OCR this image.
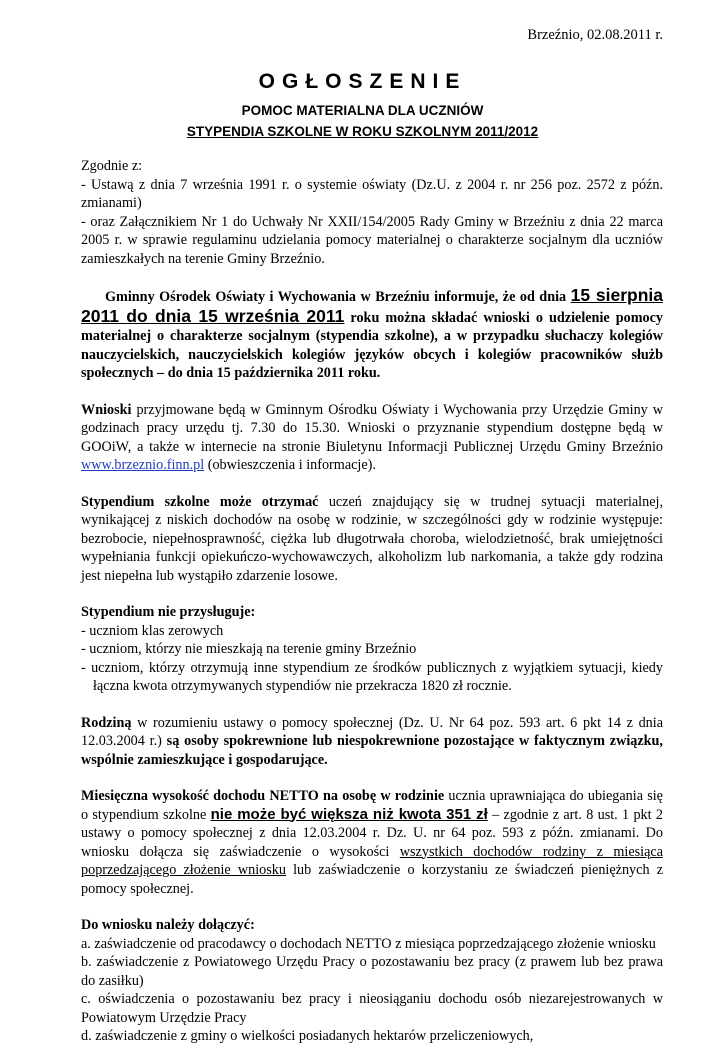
Brzeźnio, 02.08.2011 r.
OGŁOSZENIE
POMOC MATERIALNA DLA UCZNIÓW
STYPENDIA SZKOLNE W ROKU SZKOLNYM 2011/2012

Zgodnie z:

- Ustawą z dnia 7 września 1991 r. o systemie oświaty (Dz.U. z 2004 r. nr 256 poz. 2572 z późn. zmianami)

- oraz Załącznikiem Nr 1 do Uchwały Nr XXII/154/2005 Rady Gminy w Brzeźniu z dnia 22 marca 2005 r. w sprawie regulaminu udzielania pomocy materialnej o charakterze socjalnym dla uczniów zamieszkałych na terenie Gminy Brzeźnio.

Gminny Ośrodek Oświaty i Wychowania w Brzeźniu informuje, że od dnia 15 sierpnia 2011 do dnia 15 września 2011 roku można składać wnioski o udzielenie pomocy materialnej o charakterze socjalnym (stypendia szkolne), a w przypadku słuchaczy kolegiów nauczycielskich, nauczycielskich kolegiów języków obcych i kolegiów pracowników służb społecznych – do dnia 15 października 2011 roku.

Wnioski przyjmowane będą w Gminnym Ośrodku Oświaty i Wychowania przy Urzędzie Gminy w godzinach pracy urzędu tj. 7.30 do 15.30. Wnioski o przyznanie stypendium dostępne będą w GOOiW, a także w internecie na stronie Biuletynu Informacji Publicznej Urzędu Gminy Brzeźnio www.brzeznio.finn.pl (obwieszczenia i informacje).

Stypendium szkolne może otrzymać uczeń znajdujący się w trudnej sytuacji materialnej, wynikającej z niskich dochodów na osobę w rodzinie, w szczególności gdy w rodzinie występuje: bezrobocie, niepełnosprawność, ciężka lub długotrwała choroba, wielodzietność, brak umiejętności wypełniania funkcji opiekuńczo-wychowawczych, alkoholizm lub narkomania, a także gdy rodzina jest niepełna lub wystąpiło zdarzenie losowe.

Stypendium nie przysługuje:

- uczniom klas zerowych

- uczniom, którzy nie mieszkają na terenie gminy Brzeźnio

- uczniom, którzy otrzymują inne stypendium ze środków publicznych z wyjątkiem sytuacji, kiedy łączna kwota otrzymywanych stypendiów nie przekracza 1820 zł rocznie.

Rodziną w rozumieniu ustawy o pomocy społecznej (Dz. U. Nr 64 poz. 593 art. 6 pkt 14 z dnia 12.03.2004 r.) są osoby spokrewnione lub niespokrewnione pozostające w faktycznym związku, wspólnie zamieszkujące i gospodarujące.

Miesięczna wysokość dochodu NETTO na osobę w rodzinie ucznia uprawniająca do ubiegania się o stypendium szkolne nie może być większa niż kwota 351 zł – zgodnie z art. 8 ust. 1 pkt 2 ustawy o pomocy społecznej z dnia 12.03.2004 r. Dz. U. nr 64 poz. 593 z późn. zmianami. Do wniosku dołącza się zaświadczenie o wysokości wszystkich dochodów rodziny z miesiąca poprzedzającego złożenie wniosku lub zaświadczenie o korzystaniu ze świadczeń pieniężnych z pomocy społecznej.

Do wniosku należy dołączyć:

a. zaświadczenie od pracodawcy o dochodach NETTO z miesiąca poprzedzającego złożenie wniosku

b. zaświadczenie z Powiatowego Urzędu Pracy o pozostawaniu bez pracy (z prawem lub bez prawa do zasiłku)

c. oświadczenia o pozostawaniu bez pracy i nieosiąganiu dochodu osób niezarejestrowanych w Powiatowym Urzędzie Pracy

d. zaświadczenie z gminy o wielkości posiadanych hektarów przeliczeniowych,
